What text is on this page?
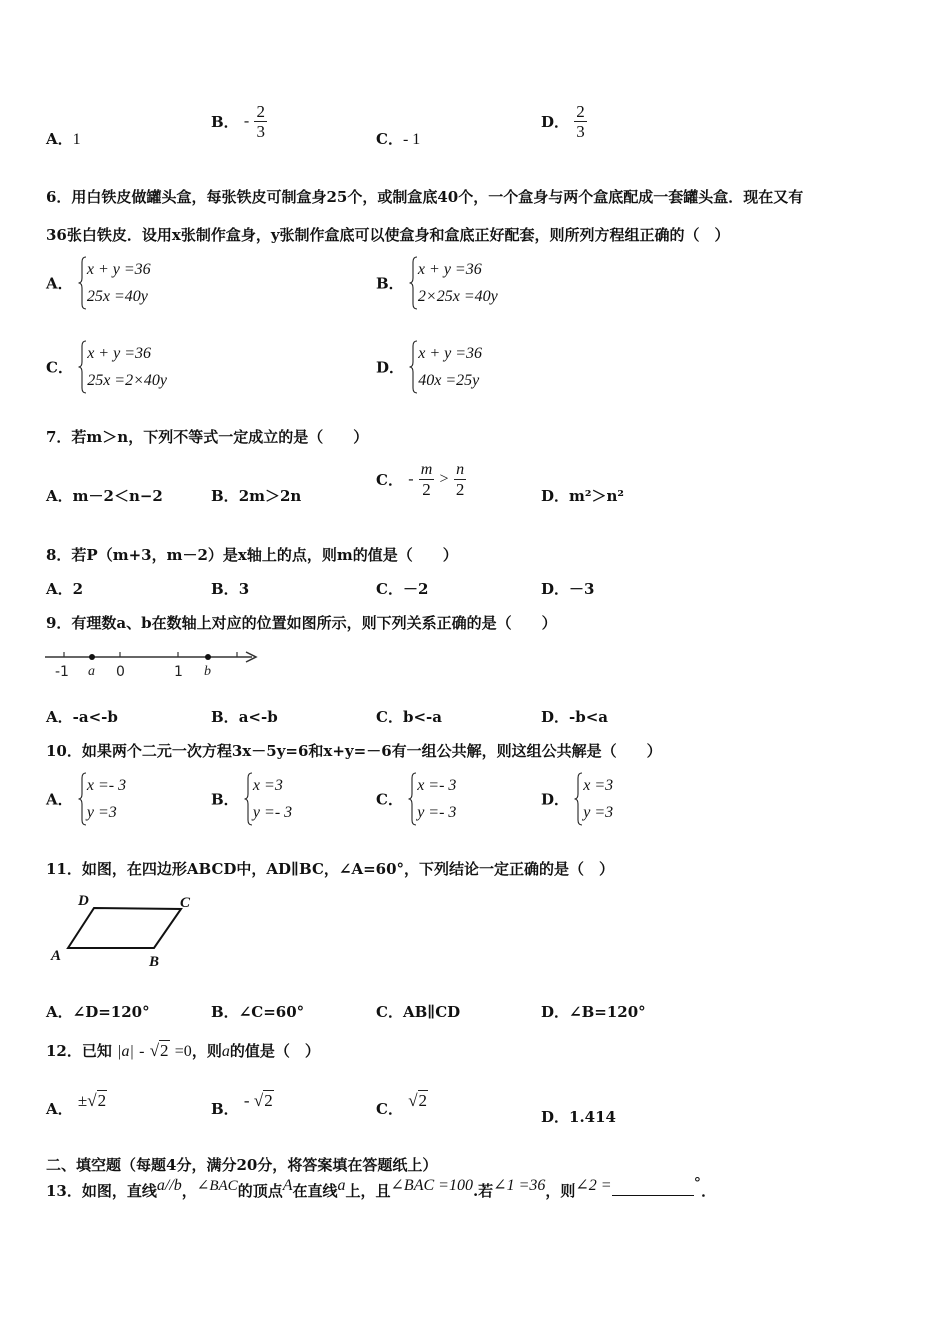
A．1
B． - $\frac{2}{3}$	C．- 1
D． $\frac{2}{3}$
6．用白铁皮做罐头盒，每张铁皮可制盒身25个，或制盒底40个，一个盒身与两个盒底配成一套罐头盒．现在又有
36张白铁皮．设用x张制作盒身，y张制作盒底可以使盒身和盒底正好配套，则所列方程组正确的（　）
A．
x + y =36
25x =40y
B．
x + y =36
2×25x =40y
C．
x + y =36
25x =2×40y
D．
x + y =36
40x =25y
7．若m＞n，下列不等式一定成立的是（　　）
A．m－2＜n−2	B．2m＞2n
C． - $\frac{m}{2} > \frac{n}{2}$	D．m²＞n²
8．若P（m+3，m－2）是x轴上的点，则m的值是（　　）
A．2	B．3	C．－2	D．－3
9．有理数a、b在数轴上对应的位置如图所示，则下列关系正确的是（　　）
-1 a 0	1 b
A．-a<-b	B．a<-b	C．b<-a	D．-b<a
10．如果两个二元一次方程3x－5y=6和x+y=－6有一组公共解，则这组公共解是（　　）
A．
x =- 3
y =3
B．
x =3
y =- 3
C．
x =- 3
y =- 3
D．
x =3
y =3
11．如图，在四边形ABCD中，AD∥BC，∠A=60°，下列结论一定正确的是（　）
D	C
A	B
A．∠D=120°	B．∠C=60°	C．AB∥CD	D．∠B=120°
12．已知 |a| - √2 =0，则a的值是（　）
A． ±√2	B． - √2	C． √2
D．1.414
二、填空题（每题4分，满分20分，将答案填在答题纸上）
13．如图，直线a//b，∠BAC的顶点A在直线a上，且∠BAC =100.若∠1 =36，则∠2 =	°．
